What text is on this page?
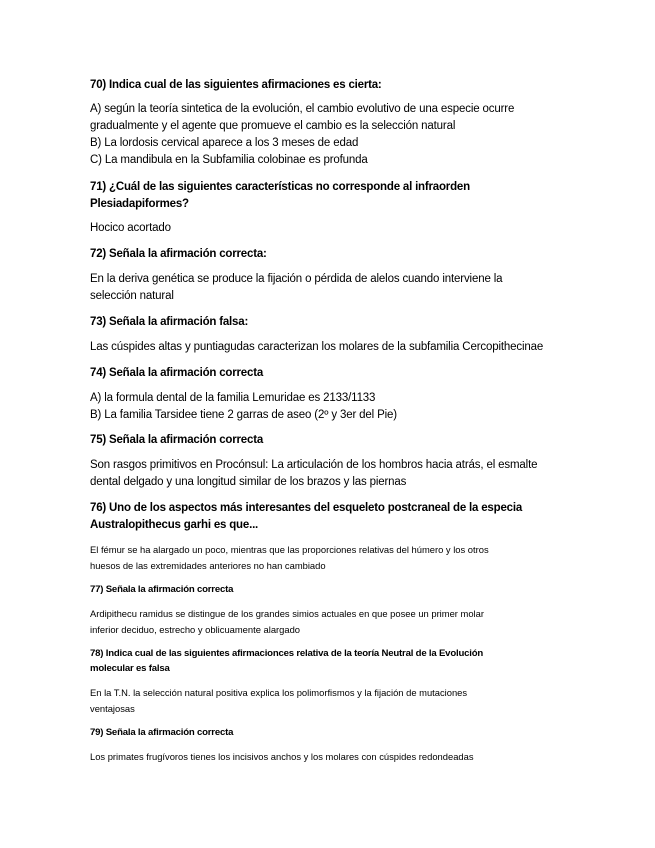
70) Indica cual de las siguientes afirmaciones es cierta:
A) según la teoría sintetica de la evolución, el cambio evolutivo de una especie ocurre
gradualmente y el agente que promueve el cambio es la selección natural
B) La lordosis cervical aparece a los 3 meses de edad
C) La mandibula en la Subfamilia colobinae es profunda
71) ¿Cuál de las siguientes características no corresponde al infraorden
Plesiadapiformes?
Hocico acortado
72) Señala la afirmación correcta:
En la deriva genética se produce la fijación o pérdida de alelos cuando interviene la
selección natural
73) Señala la afirmación falsa:
Las cúspides altas y puntiagudas caracterizan los molares de la subfamilia Cercopithecinae
74) Señala la afirmación correcta
A) la formula dental de la familia Lemuridae es 2133/1133
B) La familia Tarsidee tiene 2 garras de aseo (2º y 3er del Pie)
75) Señala la afirmación correcta
Son rasgos primitivos en Procónsul: La articulación de los hombros hacia atrás, el esmalte
dental delgado y una longitud similar de los brazos y las piernas
76) Uno de los aspectos más interesantes del esqueleto postcraneal de la especia
Australopithecus garhi es que...
El fémur se ha alargado un poco, mientras que las proporciones relativas del húmero y los otros
huesos de las extremidades anteriores no han cambiado
77) Señala la afirmación correcta
Ardipithecu ramidus se distingue de los grandes simios actuales en que posee un primer molar
inferior deciduo, estrecho y oblicuamente alargado
78) Indica cual de las siguientes afirmacionces relativa de la teoría Neutral de la Evolución
molecular es falsa
En la T.N. la selección natural positiva explica los polimorfismos y la fijación de mutaciones
ventajosas
79) Señala la afirmación correcta
Los primates frugívoros tienes los incisivos anchos y los molares con cúspides redondeadas
